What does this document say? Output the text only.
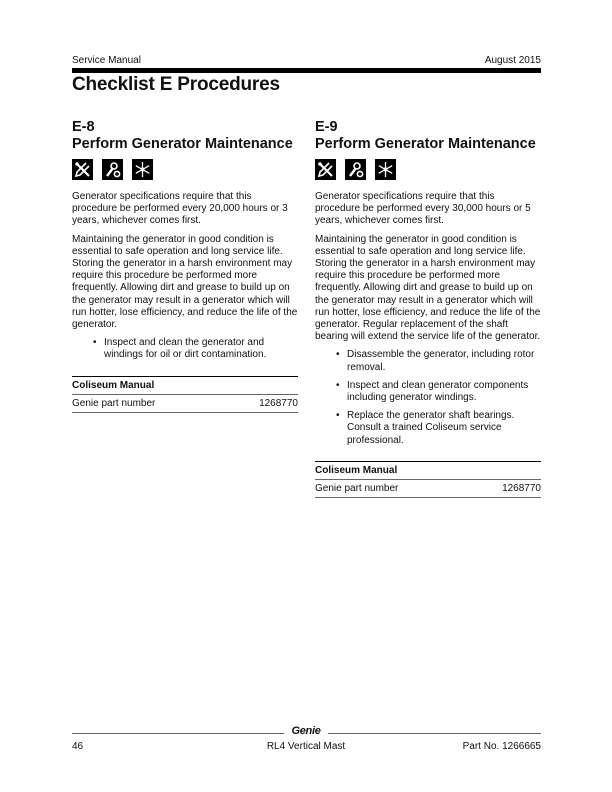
Service Manual	August 2015
Checklist E Procedures
E-8
Perform Generator Maintenance

Generator specifications require that this procedure be performed every 20,000 hours or 3 years, whichever comes first.

Maintaining the generator in good condition is essential to safe operation and long service life. Storing the generator in a harsh environment may require this procedure be performed more frequently. Allowing dirt and grease to build up on the generator may result in a generator which will run hotter, lose efficiency, and reduce the life of the generator.

• Inspect and clean the generator and windings for oil or dirt contamination.
Coliseum Manual
Genie part number	1268770
E-9
Perform Generator Maintenance

Generator specifications require that this procedure be performed every 30,000 hours or 5 years, whichever comes first.

Maintaining the generator in good condition is essential to safe operation and long service life. Storing the generator in a harsh environment may require this procedure be performed more frequently. Allowing dirt and grease to build up on the generator may result in a generator which will run hotter, lose efficiency, and reduce the life of the generator. Regular replacement of the shaft bearing will extend the service life of the generator.

• Disassemble the generator, including rotor removal.
• Inspect and clean generator components including generator windings.
• Replace the generator shaft bearings. Consult a trained Coliseum service professional.
Coliseum Manual
Genie part number	1268770
Genie
46	RL4 Vertical Mast	Part No. 1266665
